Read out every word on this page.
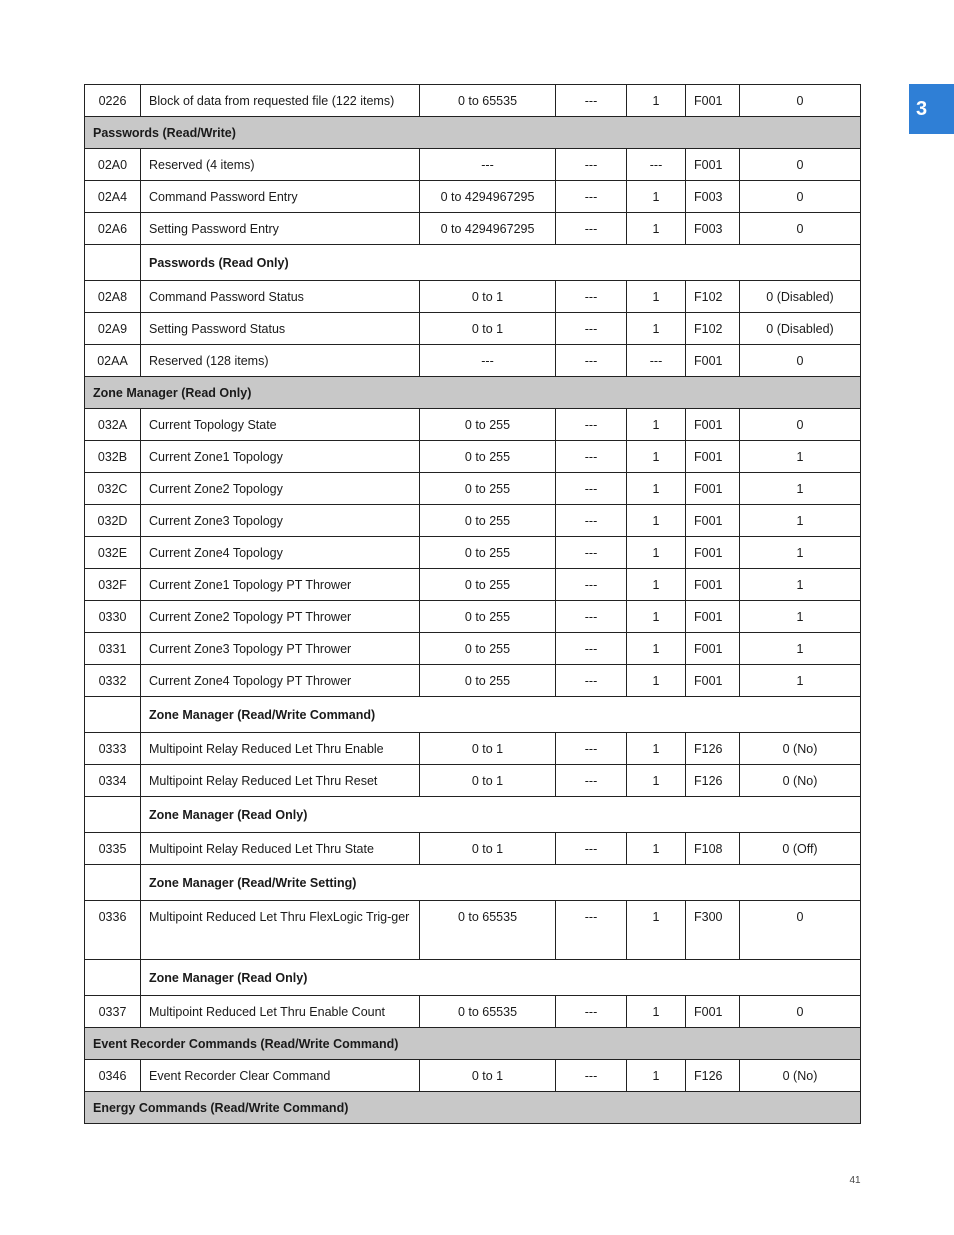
0226	Block of data from requested file (122 items)	0 to 65535	---	1	F001	0
Passwords (Read/Write)						
02A0	Reserved (4 items)	---	---	---	F001	0
02A4	Command Password Entry	0 to 4294967295	---	1	F003	0
02A6	Setting Password Entry	0 to 4294967295	---	1	F003	0
	Passwords (Read Only)					
02A8	Command Password Status	0 to 1	---	1	F102	0 (Disabled)
02A9	Setting Password Status	0 to 1	---	1	F102	0 (Disabled)
02AA	Reserved (128 items)	---	---	---	F001	0
Zone Manager (Read Only)						
032A	Current Topology State	0 to 255	---	1	F001	0
032B	Current Zone1 Topology	0 to 255	---	1	F001	1
032C	Current Zone2 Topology	0 to 255	---	1	F001	1
032D	Current Zone3 Topology	0 to 255	---	1	F001	1
032E	Current Zone4 Topology	0 to 255	---	1	F001	1
032F	Current Zone1 Topology PT Thrower	0 to 255	---	1	F001	1
0330	Current Zone2 Topology PT Thrower	0 to 255	---	1	F001	1
0331	Current Zone3 Topology PT Thrower	0 to 255	---	1	F001	1
0332	Current Zone4 Topology PT Thrower	0 to 255	---	1	F001	1
	Zone Manager (Read/Write Command)					
0333	Multipoint Relay Reduced Let Thru Enable	0 to 1	---	1	F126	0 (No)
0334	Multipoint Relay Reduced Let Thru Reset	0 to 1	---	1	F126	0 (No)
	Zone Manager (Read Only)					
0335	Multipoint Relay Reduced Let Thru State	0 to 1	---	1	F108	0 (Off)
	Zone Manager (Read/Write Setting)					
0336	Multipoint Reduced Let Thru FlexLogic Trig-ger	0 to 65535	---	1	F300	0
	Zone Manager (Read Only)					
0337	Multipoint Reduced Let Thru Enable Count	0 to 65535	---	1	F001	0
Event Recorder Commands (Read/Write Command)						
0346	Event Recorder Clear Command	0 to 1	---	1	F126	0 (No)
Energy Commands (Read/Write Command)						
3
41
